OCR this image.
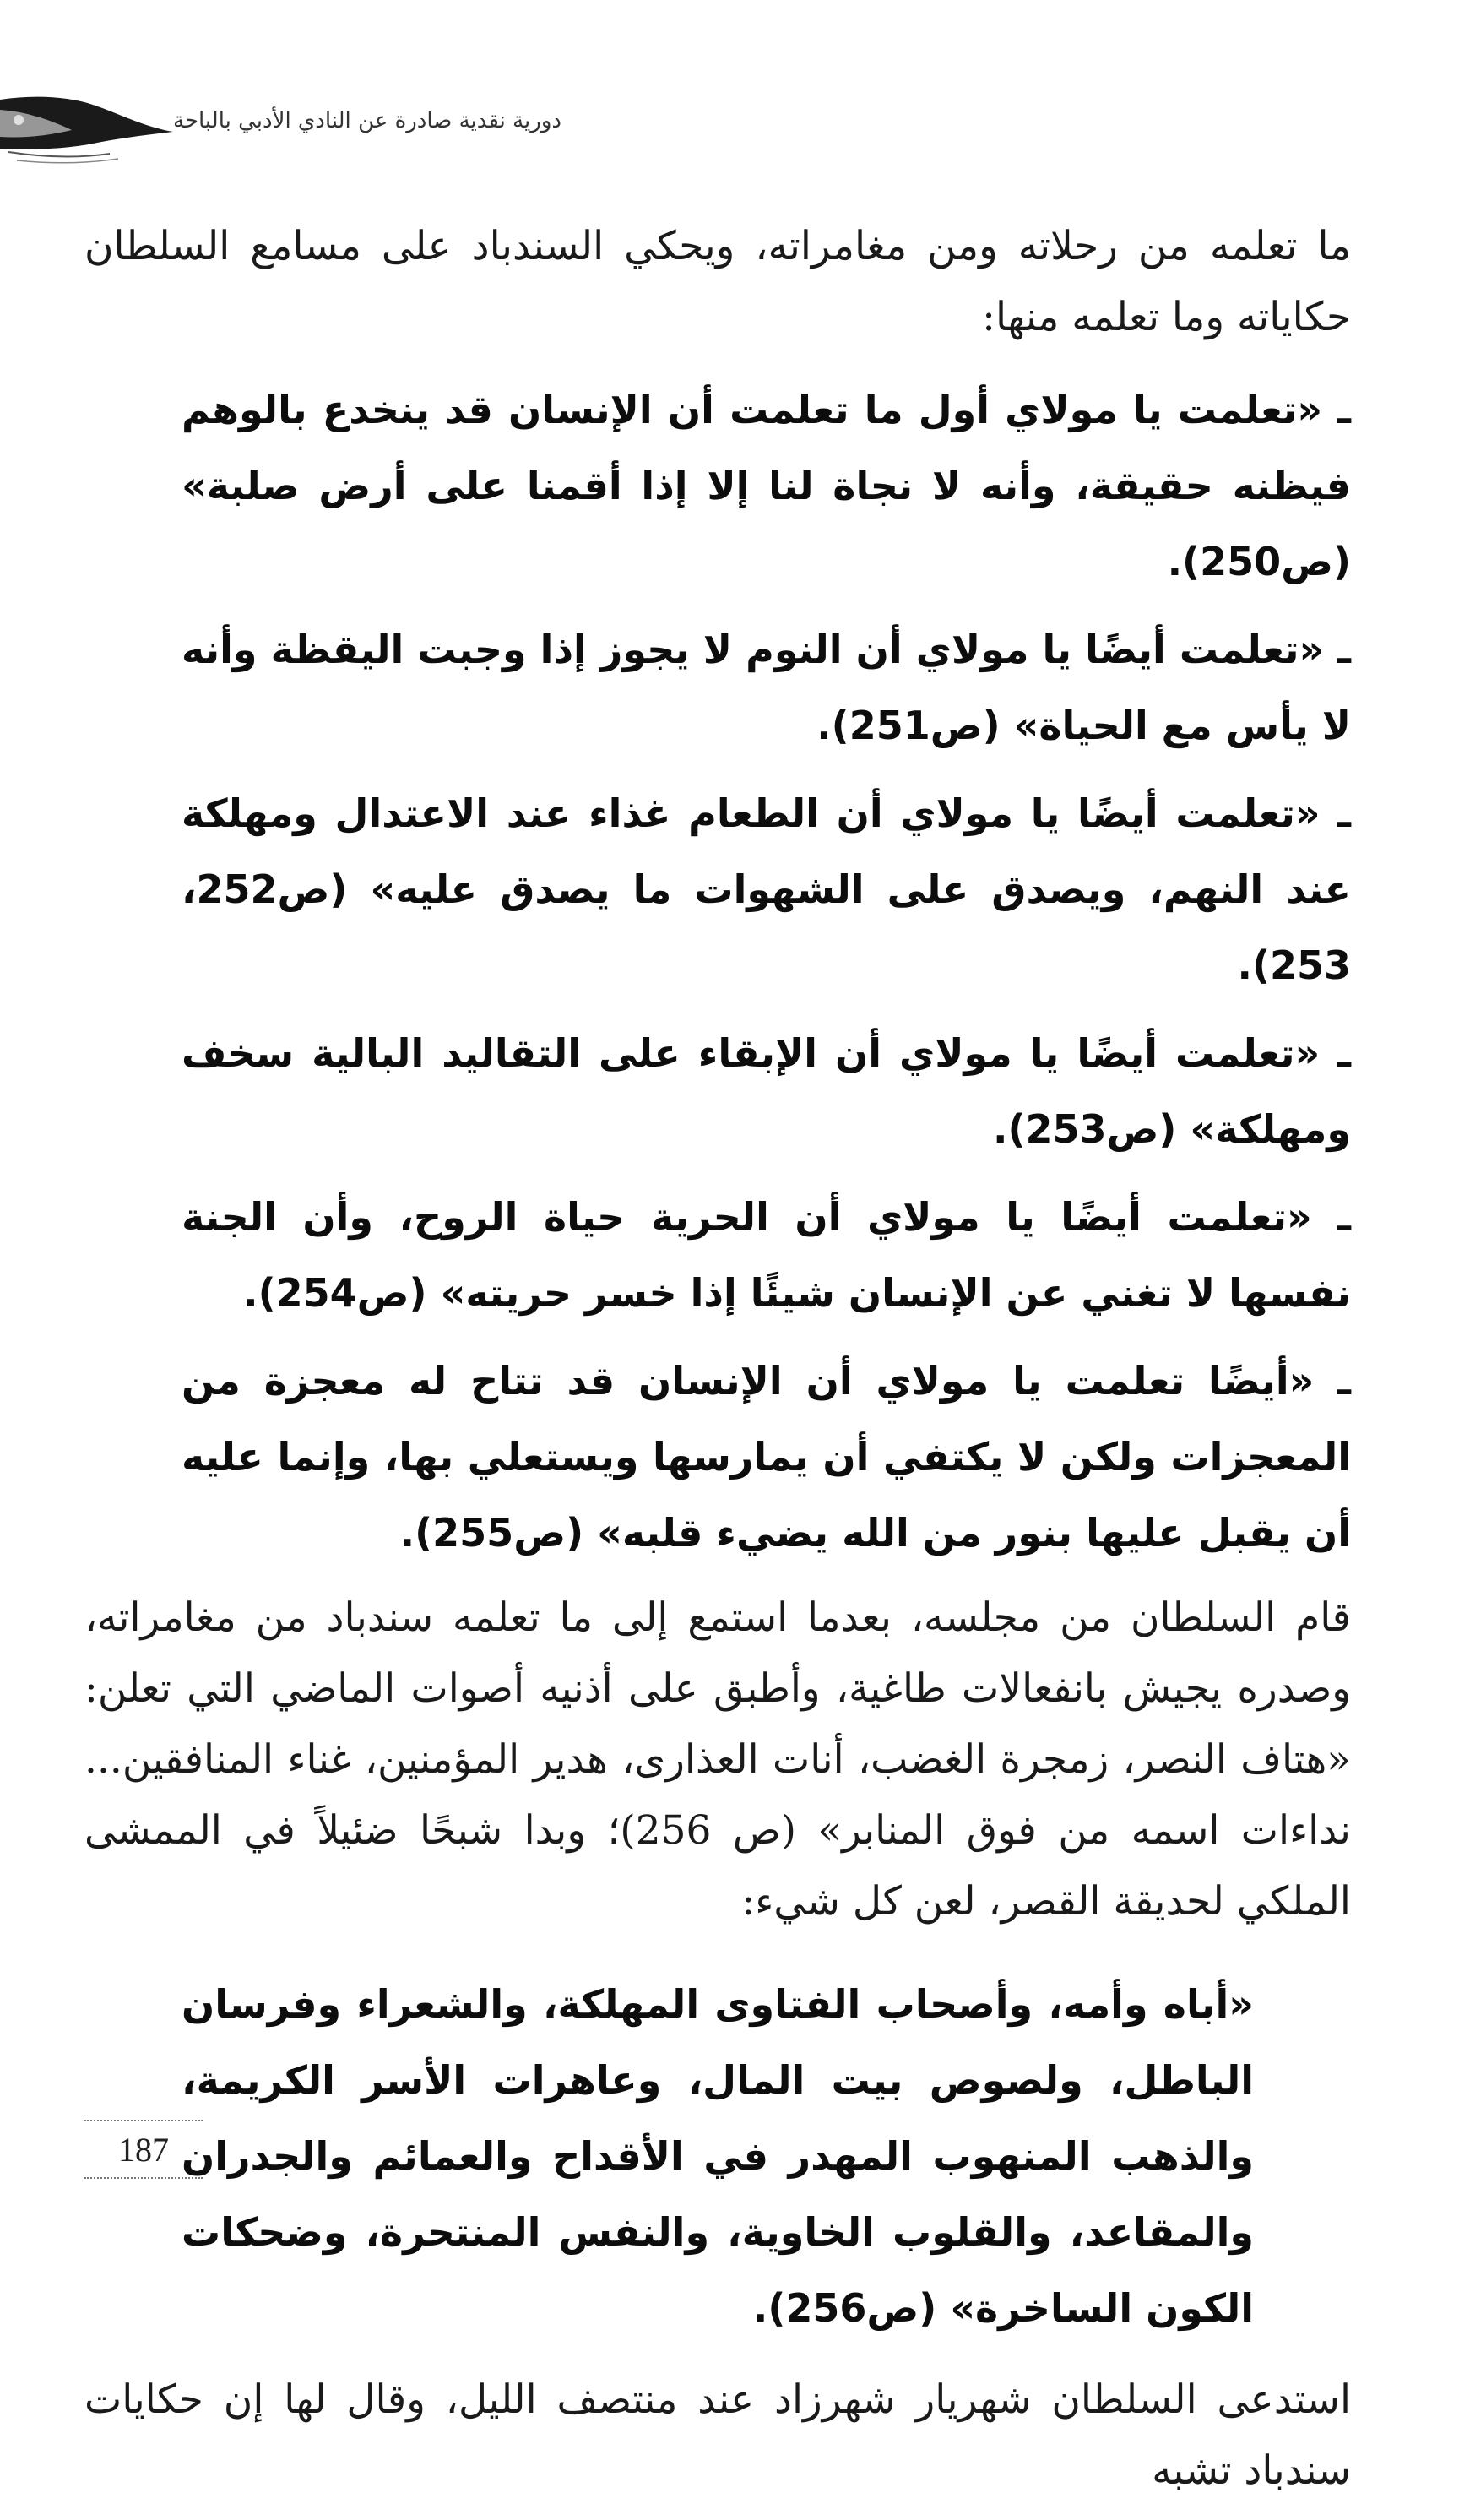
دورية نقدية صادرة عن النادي الأدبي بالباحة

ما تعلمه من رحلاته ومن مغامراته، ويحكي السندباد على مسامع السلطان حكاياته وما تعلمه منها:

ـ «تعلمت يا مولاي أول ما تعلمت أن الإنسان قد ينخدع بالوهم فيظنه حقيقة، وأنه لا نجاة لنا إلا إذا أقمنا على أرض صلبة» (ص250).

ـ «تعلمت أيضًا يا مولاي أن النوم لا يجوز إذا وجبت اليقظة وأنه لا يأس مع الحياة» (ص251).

ـ «تعلمت أيضًا يا مولاي أن الطعام غذاء عند الاعتدال ومهلكة عند النهم، ويصدق على الشهوات ما يصدق عليه» (ص252، 253).

ـ «تعلمت أيضًا يا مولاي أن الإبقاء على التقاليد البالية سخف ومهلكة» (ص253).

ـ «تعلمت أيضًا يا مولاي أن الحرية حياة الروح، وأن الجنة نفسها لا تغني عن الإنسان شيئًا إذا خسر حريته» (ص254).

ـ «أيضًا تعلمت يا مولاي أن الإنسان قد تتاح له معجزة من المعجزات ولكن لا يكتفي أن يمارسها ويستعلي بها، وإنما عليه أن يقبل عليها بنور من الله يضيء قلبه» (ص255).

قام السلطان من مجلسه، بعدما استمع إلى ما تعلمه سندباد من مغامراته، وصدره يجيش بانفعالات طاغية، وأطبق على أذنيه أصوات الماضي التي تعلن: «هتاف النصر، زمجرة الغضب، أنات العذارى، هدير المؤمنين، غناء المنافقين... نداءات اسمه من فوق المنابر» (ص 256)؛ وبدا شبحًا ضئيلاً في الممشى الملكي لحديقة القصر، لعن كل شيء:

«أباه وأمه، وأصحاب الفتاوى المهلكة، والشعراء وفرسان الباطل، ولصوص بيت المال، وعاهرات الأسر الكريمة، والذهب المنهوب المهدر في الأقداح والعمائم والجدران والمقاعد، والقلوب الخاوية، والنفس المنتحرة، وضحكات الكون الساخرة» (ص256).

استدعى السلطان شهريار شهرزاد عند منتصف الليل، وقال لها إن حكايات سندباد تشبه

187
